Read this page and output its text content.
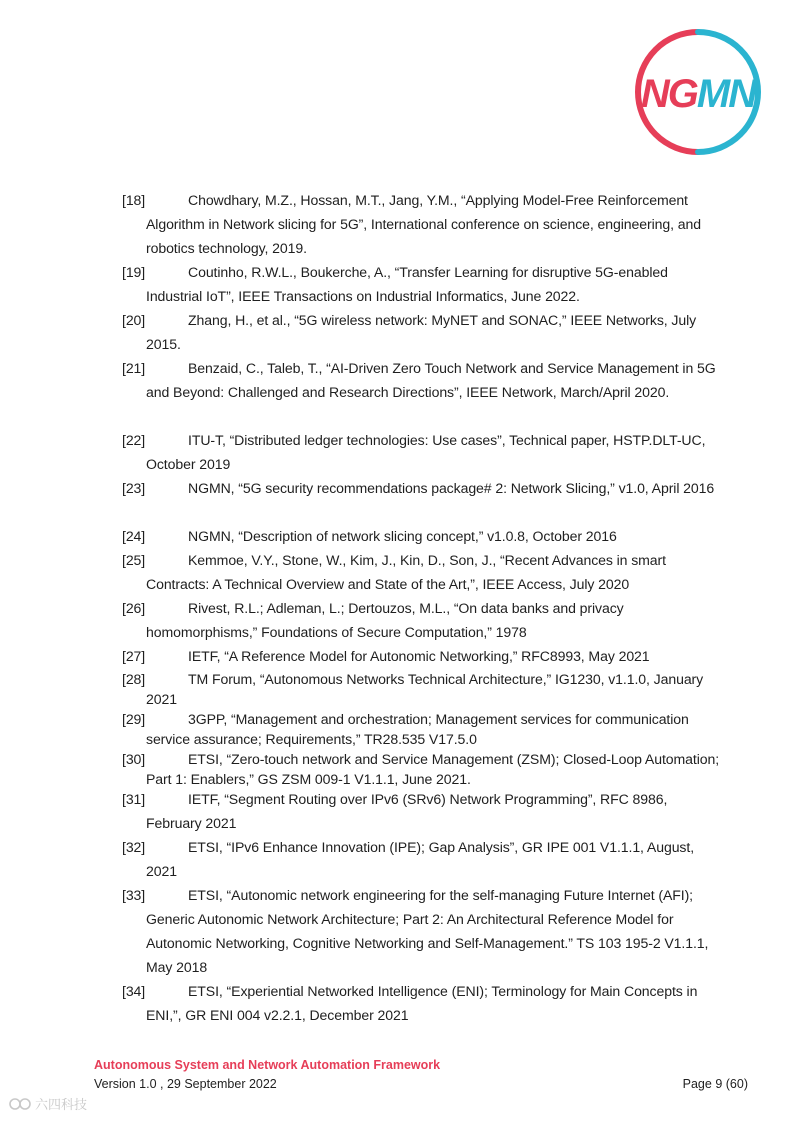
NGMN
[18]	Chowdhary, M.Z., Hossan, M.T., Jang, Y.M., “Applying Model-Free Reinforcement Algorithm in Network slicing for 5G”, International conference on science, engineering, and robotics technology, 2019.
[19]	Coutinho, R.W.L., Boukerche, A., “Transfer Learning for disruptive 5G-enabled Industrial IoT”, IEEE Transactions on Industrial Informatics, June 2022.
[20]	Zhang, H., et al., “5G wireless network: MyNET and SONAC,” IEEE Networks, July 2015.
[21]	Benzaid, C., Taleb, T., “AI-Driven Zero Touch Network and Service Management in 5G and Beyond: Challenged and Research Directions”, IEEE Network, March/April 2020.
[22]	ITU-T, “Distributed ledger technologies: Use cases”, Technical paper, HSTP.DLT-UC, October 2019
[23]	NGMN, “5G security recommendations package# 2: Network Slicing,” v1.0, April 2016
[24]	NGMN, “Description of network slicing concept,” v1.0.8, October 2016
[25]	Kemmoe, V.Y., Stone, W., Kim, J., Kin, D., Son, J., “Recent Advances in smart Contracts: A Technical Overview and State of the Art,”, IEEE Access, July 2020
[26]	Rivest, R.L.; Adleman, L.; Dertouzos, M.L., “On data banks and privacy homomorphisms,” Foundations of Secure Computation,” 1978
[27]	IETF, “A Reference Model for Autonomic Networking,” RFC8993, May 2021
[28]	TM Forum, “Autonomous Networks Technical Architecture,” IG1230, v1.1.0, January 2021
[29]	3GPP, “Management and orchestration; Management services for communication service assurance; Requirements,” TR28.535 V17.5.0
[30]	ETSI, “Zero-touch network and Service Management (ZSM); Closed-Loop Automation; Part 1: Enablers,” GS ZSM 009-1 V1.1.1, June 2021.
[31]	IETF, “Segment Routing over IPv6 (SRv6) Network Programming”, RFC 8986, February 2021
[32]	ETSI, “IPv6 Enhance Innovation (IPE); Gap Analysis”, GR IPE 001 V1.1.1, August, 2021
[33]	ETSI, “Autonomic network engineering for the self-managing Future Internet (AFI); Generic Autonomic Network Architecture; Part 2: An Architectural Reference Model for Autonomic Networking, Cognitive Networking and Self-Management.” TS 103 195-2 V1.1.1, May 2018
[34]	ETSI, “Experiential Networked Intelligence (ENI); Terminology for Main Concepts in ENI,”, GR ENI 004 v2.2.1, December 2021
Autonomous System and Network Automation Framework
Version 1.0 , 29 September 2022	Page 9 (60)
六四科技
